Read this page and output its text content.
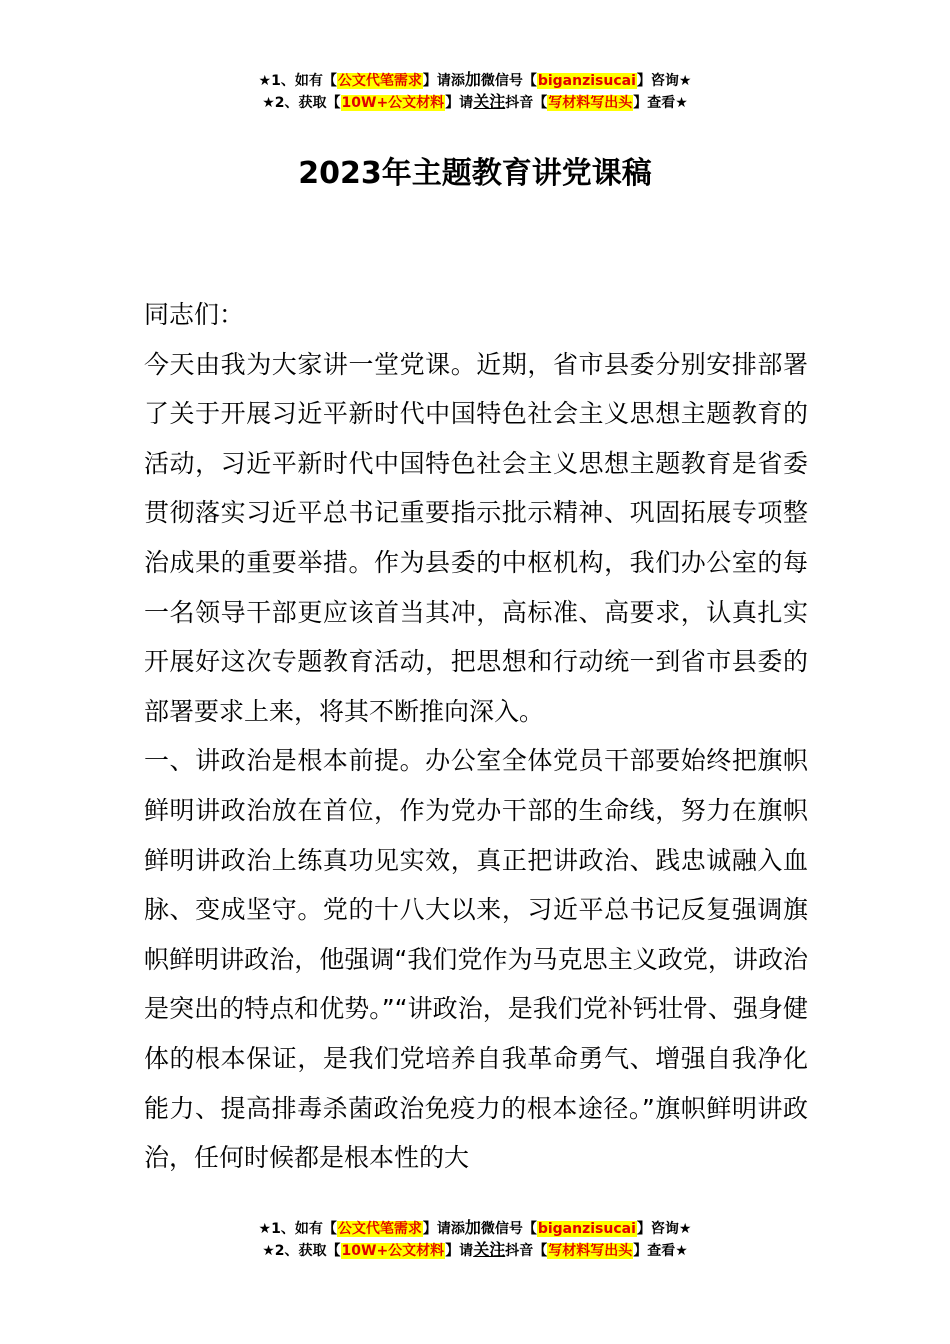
★1、如有【公文代笔需求】请添加微信号【biganzisucai】咨询★
★2、获取【10W+公文材料】请关注抖音【写材料写出头】查看★
2023年主题教育讲党课稿

同志们：

今天由我为大家讲一堂党课。近期，省市县委分别安排部署了关于开展习近平新时代中国特色社会主义思想主题教育的活动，习近平新时代中国特色社会主义思想主题教育是省委贯彻落实习近平总书记重要指示批示精神、巩固拓展专项整治成果的重要举措。作为县委的中枢机构，我们办公室的每一名领导干部更应该首当其冲，高标准、高要求，认真扎实开展好这次专题教育活动，把思想和行动统一到省市县委的部署要求上来，将其不断推向深入。

一、讲政治是根本前提。办公室全体党员干部要始终把旗帜鲜明讲政治放在首位，作为党办干部的生命线，努力在旗帜鲜明讲政治上练真功见实效，真正把讲政治、践忠诚融入血脉、变成坚守。党的十八大以来，习近平总书记反复强调旗帜鲜明讲政治，他强调“我们党作为马克思主义政党，讲政治是突出的特点和优势。”“讲政治，是我们党补钙壮骨、强身健体的根本保证，是我们党培养自我革命勇气、增强自我净化能力、提高排毒杀菌政治免疫力的根本途径。”旗帜鲜明讲政治，任何时候都是根本性的大

★1、如有【公文代笔需求】请添加微信号【biganzisucai】咨询★
★2、获取【10W+公文材料】请关注抖音【写材料写出头】查看★
